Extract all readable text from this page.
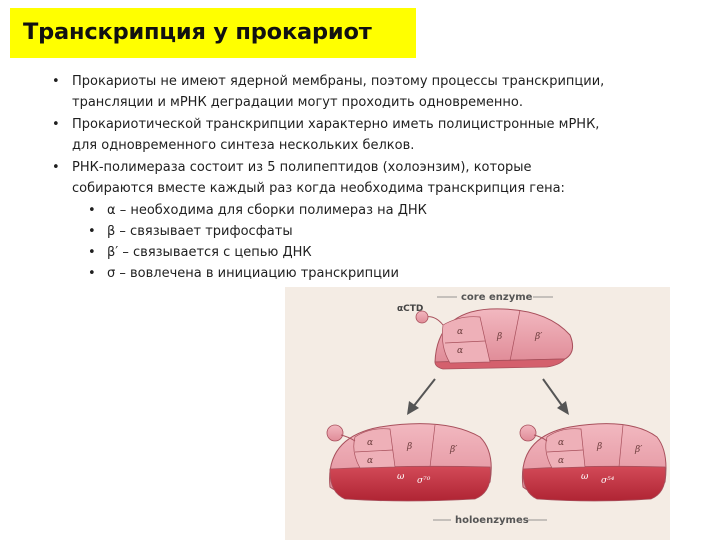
Транскрипция у прокариот
• Прокариоты не имеют ядерной мембраны, поэтому процессы транскрипции,
трансляции и мРНК деградации могут проходить одновременно.
• Прокариотической транскрипции характерно иметь полицистронные мРНК,
для одновременного синтеза нескольких белков.
• РНК-полимераза состоит из 5 полипептидов (холоэнзим), которые
собираются вместе каждый раз когда необходима транскрипция гена:
• α – необходима для сборки полимераз на ДНК
• β – связывает трифосфаты
• β′ – связывается с цепью ДНК
• σ – вовлечена в инициацию транскрипции
core enzyme
αCTD
α
α
β	β′
α
α
β	β′
ω σ⁷⁰
α
α
β	β′
ω σ⁵⁴
holoenzymes
